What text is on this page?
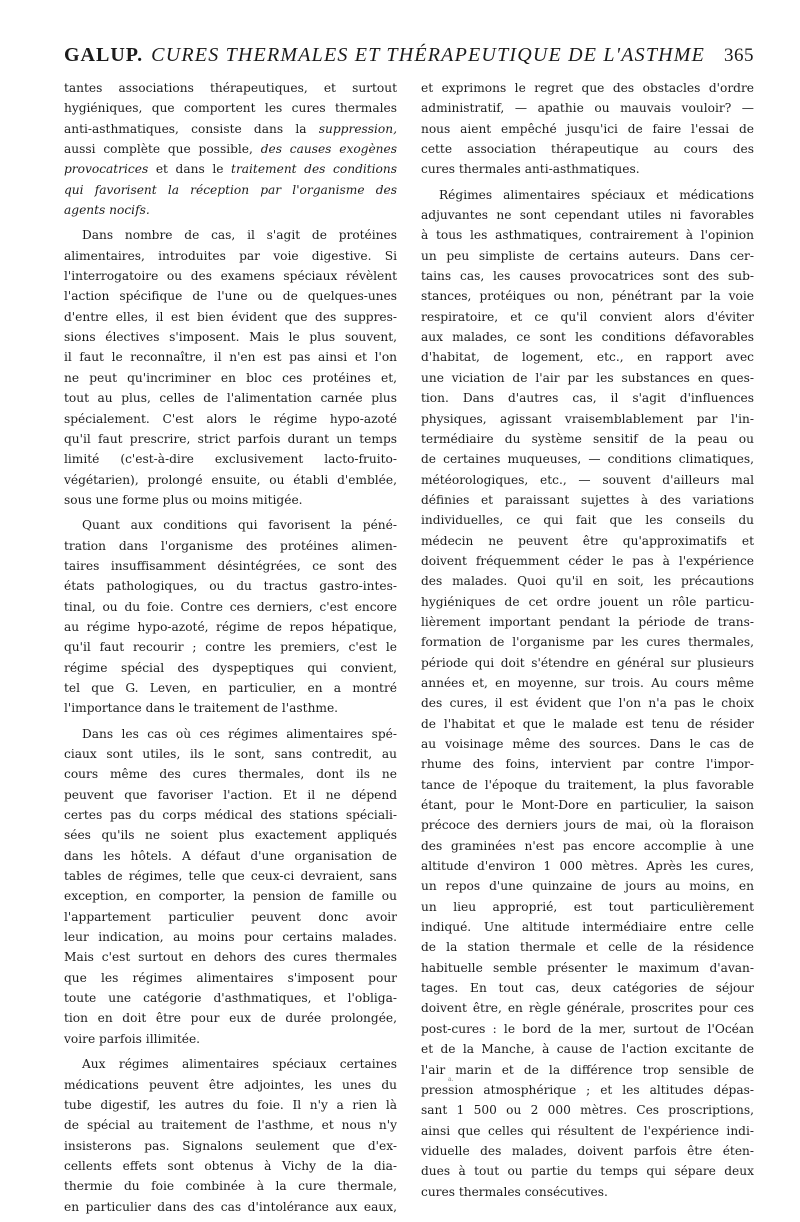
GALUP. CURES THERMALES ET THÉRAPEUTIQUE DE L'ASTHME 365

tantes associations thérapeutiques, et surtout
hygiéniques, que comportent les cures thermales
anti-asthmatiques, consiste dans la suppression,
aussi complète que possible, des causes exogènes
provocatrices et dans le traitement des conditions
qui favorisent la réception par l'organisme des
agents nocifs.

Dans nombre de cas, il s'agit de protéines
alimentaires, introduites par voie digestive. Si
l'interrogatoire ou des examens spéciaux révèlent
l'action spécifique de l'une ou de quelques-unes
d'entre elles, il est bien évident que des suppres-
sions électives s'imposent. Mais le plus souvent,
il faut le reconnaître, il n'en est pas ainsi et l'on
ne peut qu'incriminer en bloc ces protéines et,
tout au plus, celles de l'alimentation carnée plus
spécialement. C'est alors le régime hypo-azoté
qu'il faut prescrire, strict parfois durant un temps
limité (c'est-à-dire exclusivement lacto-fruito-
végétarien), prolongé ensuite, ou établi d'emblée,
sous une forme plus ou moins mitigée.

Quant aux conditions qui favorisent la péné-
tration dans l'organisme des protéines alimen-
taires insuffisamment désintégrées, ce sont des
états pathologiques, ou du tractus gastro-intes-
tinal, ou du foie. Contre ces derniers, c'est encore
au régime hypo-azoté, régime de repos hépatique,
qu'il faut recourir ; contre les premiers, c'est le
régime spécial des dyspeptiques qui convient,
tel que G. Leven, en particulier, en a montré
l'importance dans le traitement de l'asthme.

Dans les cas où ces régimes alimentaires spé-
ciaux sont utiles, ils le sont, sans contredit, au
cours même des cures thermales, dont ils ne
peuvent que favoriser l'action. Et il ne dépend
certes pas du corps médical des stations spéciali-
sées qu'ils ne soient plus exactement appliqués
dans les hôtels. A défaut d'une organisation de
tables de régimes, telle que ceux-ci devraient, sans
exception, en comporter, la pension de famille ou
l'appartement particulier peuvent donc avoir
leur indication, au moins pour certains malades.
Mais c'est surtout en dehors des cures thermales
que les régimes alimentaires s'imposent pour
toute une catégorie d'asthmatiques, et l'obliga-
tion en doit être pour eux de durée prolongée,
voire parfois illimitée.

Aux régimes alimentaires spéciaux certaines
médications peuvent être adjointes, les unes du
tube digestif, les autres du foie. Il n'y a rien là
de spécial au traitement de l'asthme, et nous n'y
insisterons pas. Signalons seulement que d'ex-
cellents effets sont obtenus à Vichy de la dia-
thermie du foie combinée à la cure thermale,
en particulier dans des cas d'intolérance aux eaux,

et exprimons le regret que des obstacles d'ordre
administratif, — apathie ou mauvais vouloir? —
nous aient empêché jusqu'ici de faire l'essai de
cette association thérapeutique au cours des
cures thermales anti-asthmatiques.

Régimes alimentaires spéciaux et médications
adjuvantes ne sont cependant utiles ni favorables
à tous les asthmatiques, contrairement à l'opinion
un peu simpliste de certains auteurs. Dans cer-
tains cas, les causes provocatrices sont des sub-
stances, protéiques ou non, pénétrant par la voie
respiratoire, et ce qu'il convient alors d'éviter
aux malades, ce sont les conditions défavorables
d'habitat, de logement, etc., en rapport avec
une viciation de l'air par les substances en ques-
tion. Dans d'autres cas, il s'agit d'influences
physiques, agissant vraisemblablement par l'in-
termédiaire du système sensitif de la peau ou
de certaines muqueuses, — conditions climatiques,
météorologiques, etc., — souvent d'ailleurs mal
définies et paraissant sujettes à des variations
individuelles, ce qui fait que les conseils du
médecin ne peuvent être qu'approximatifs et
doivent fréquemment céder le pas à l'expérience
des malades. Quoi qu'il en soit, les précautions
hygiéniques de cet ordre jouent un rôle particu-
lièrement important pendant la période de trans-
formation de l'organisme par les cures thermales,
période qui doit s'étendre en général sur plusieurs
années et, en moyenne, sur trois. Au cours même
des cures, il est évident que l'on n'a pas le choix
de l'habitat et que le malade est tenu de résider
au voisinage même des sources. Dans le cas de
rhume des foins, intervient par contre l'impor-
tance de l'époque du traitement, la plus favorable
étant, pour le Mont-Dore en particulier, la saison
précoce des derniers jours de mai, où la floraison
des graminées n'est pas encore accomplie à une
altitude d'environ 1 000 mètres. Après les cures,
un repos d'une quinzaine de jours au moins, en
un lieu approprié, est tout particulièrement
indiqué. Une altitude intermédiaire entre celle
de la station thermale et celle de la résidence
habituelle semble présenter le maximum d'avan-
tages. En tout cas, deux catégories de séjour
doivent être, en règle générale, proscrites pour ces
post-cures : le bord de la mer, surtout de l'Océan
et de la Manche, à cause de l'action excitante de
l'air marin et de la différence trop sensible de
pression atmosphérique ; et les altitudes dépas-
sant 1 500 ou 2 000 mètres. Ces proscriptions,
ainsi que celles qui résultent de l'expérience indi-
viduelle des malades, doivent parfois être éten-
dues à tout ou partie du temps qui sépare deux
cures thermales consécutives.

a.
